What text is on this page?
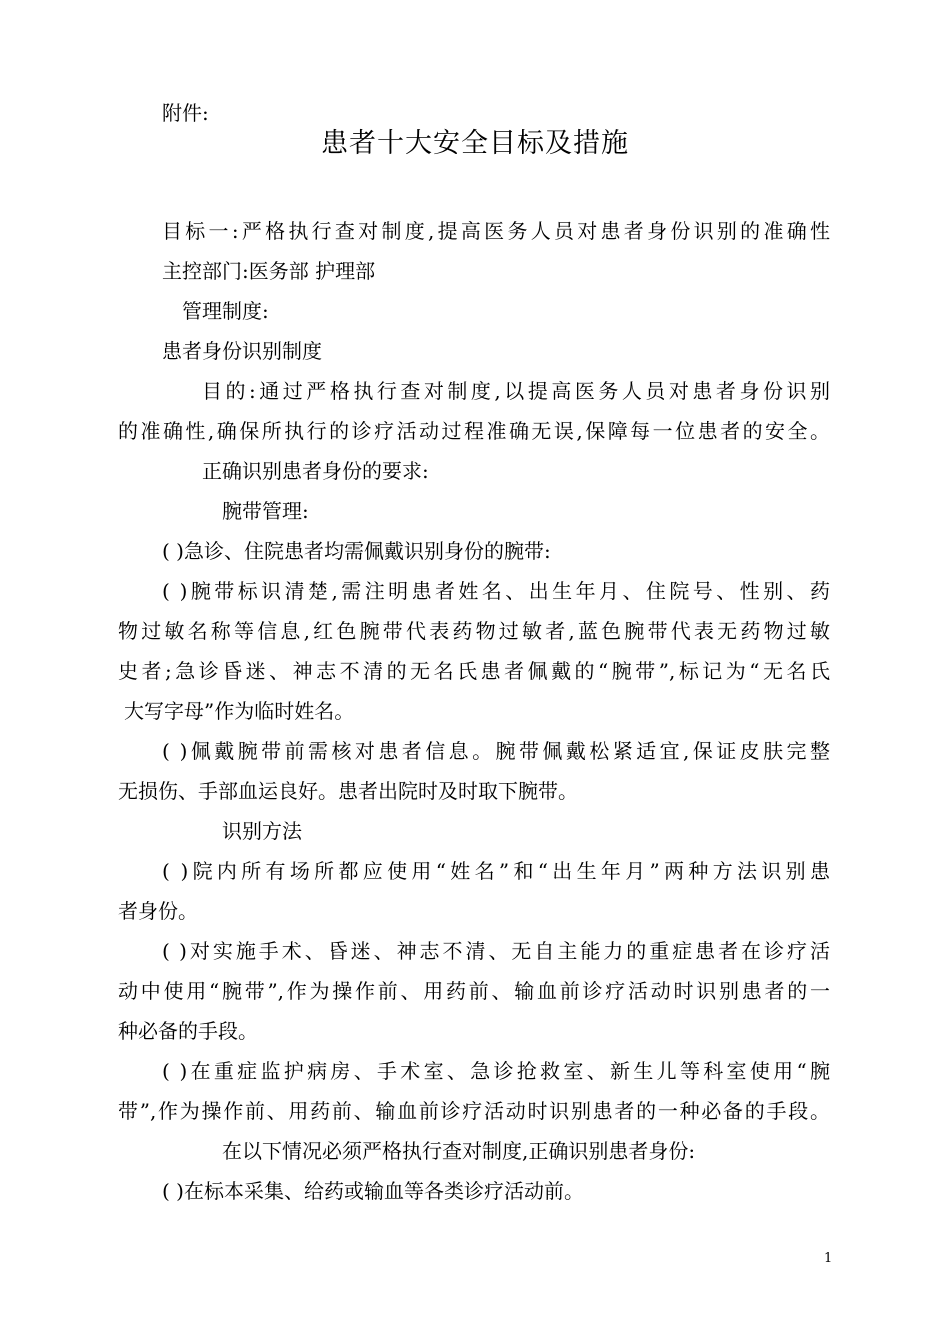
附件:

患者十大安全目标及措施

目标一:严格执行查对制度,提高医务人员对患者身份识别的准确性

主控部门:医务部 护理部

管理制度:

患者身份识别制度

目的:通过严格执行查对制度,以提高医务人员对患者身份识别

的准确性,确保所执行的诊疗活动过程准确无误,保障每一位患者的安全。

正确识别患者身份的要求:

腕带管理:

( )急诊、住院患者均需佩戴识别身份的腕带:

( )腕带标识清楚,需注明患者姓名、出生年月、住院号、性别、药

物过敏名称等信息,红色腕带代表药物过敏者,蓝色腕带代表无药物过敏

史者;急诊昏迷、神志不清的无名氏患者佩戴的“腕带”,标记为“无名氏

大写字母”作为临时姓名。

( )佩戴腕带前需核对患者信息。腕带佩戴松紧适宜,保证皮肤完整

无损伤、手部血运良好。患者出院时及时取下腕带。

识别方法

( )院内所有场所都应使用“姓名”和“出生年月”两种方法识别患

者身份。

( )对实施手术、昏迷、神志不清、无自主能力的重症患者在诊疗活

动中使用“腕带”,作为操作前、用药前、输血前诊疗活动时识别患者的一

种必备的手段。

( )在重症监护病房、手术室、急诊抢救室、新生儿等科室使用“腕

带”,作为操作前、用药前、输血前诊疗活动时识别患者的一种必备的手段。

在以下情况必须严格执行查对制度,正确识别患者身份:

( )在标本采集、给药或输血等各类诊疗活动前。

1
